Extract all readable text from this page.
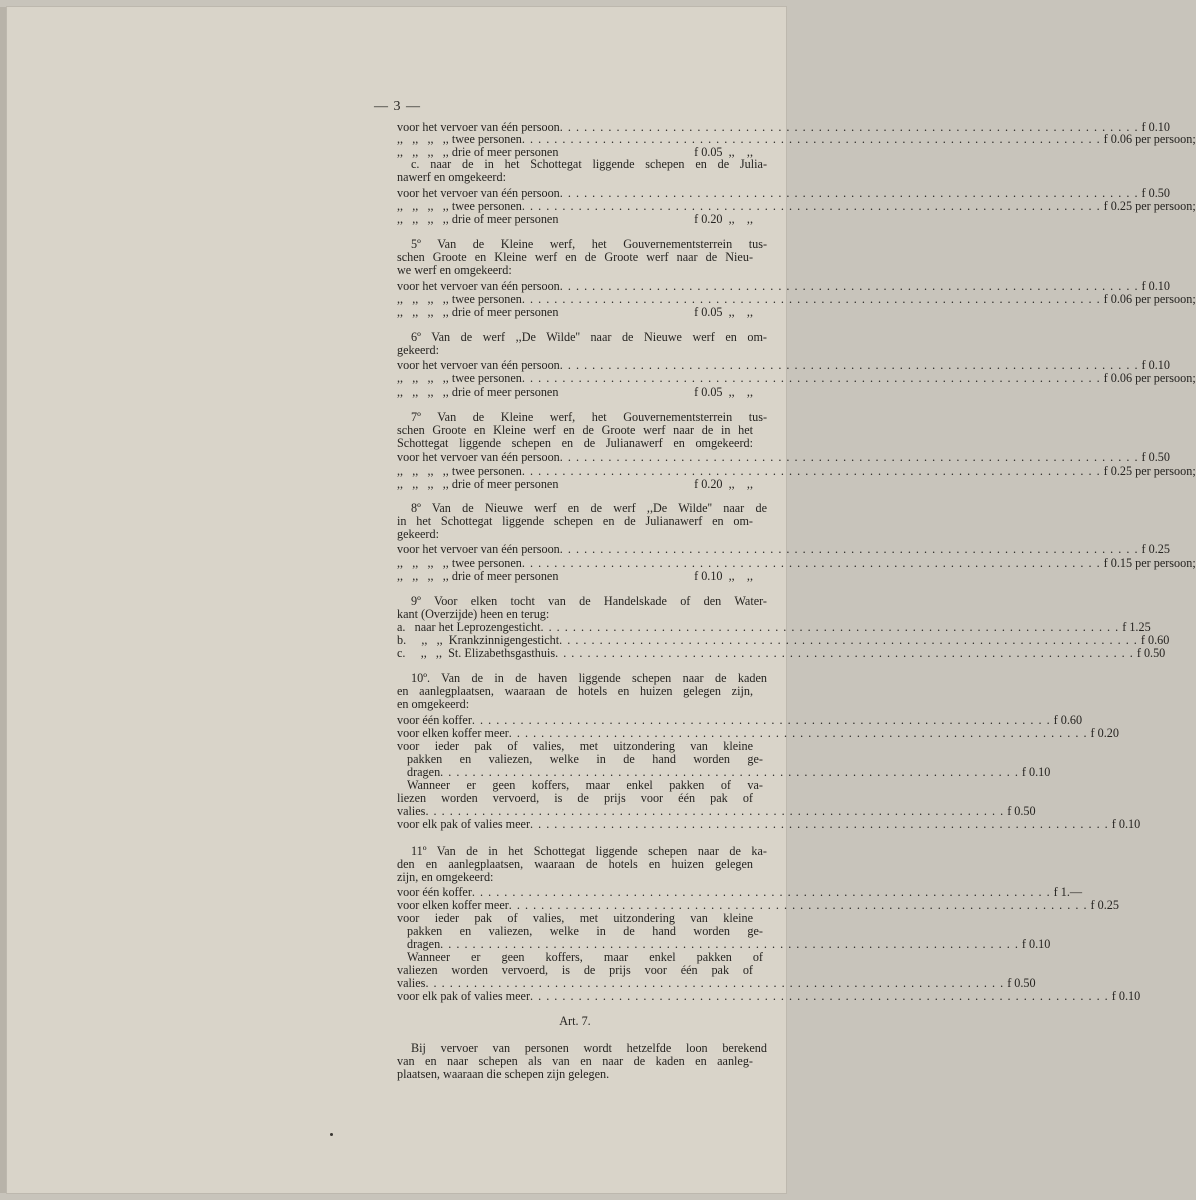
— 3 —
voor het vervoer van één persoon . . . . . . . . . . . . . . . . . . . . . . . . . . . . . . . . . . . . . . . . . . . . . . . . . . . . . . . . . . . . . . . . . . . . . . . . f 0.10
,,   ,,   ,,   ,, twee personen . . . . . . . . . . . . . . . . . . . . . . . . . . . . . . . . . . . . . . . . . . . . . . . . . . . . . . . . . . . . . . . . . . . . . . . . f 0.06 per persoon;
,,   ,,   ,,   ,, drie of meer personen	f 0.05  ,,    ,,
c. naar de in het Schottegat liggende schepen en de Julia-
nawerf en omgekeerd:
voor het vervoer van één persoon . . . . . . . . . . . . . . . . . . . . . . . . . . . . . . . . . . . . . . . . . . . . . . . . . . . . . . . . . . . . . . . . . . . . . . . . f 0.50
,,   ,,   ,,   ,, twee personen . . . . . . . . . . . . . . . . . . . . . . . . . . . . . . . . . . . . . . . . . . . . . . . . . . . . . . . . . . . . . . . . . . . . . . . . f 0.25 per persoon;
,,   ,,   ,,   ,, drie of meer personen	f 0.20  ,,    ,,
5º Van de Kleine werf, het Gouvernementsterrein tus-
schen Groote en Kleine werf en de Groote werf naar de Nieu-
we werf en omgekeerd:
voor het vervoer van één persoon . . . . . . . . . . . . . . . . . . . . . . . . . . . . . . . . . . . . . . . . . . . . . . . . . . . . . . . . . . . . . . . . . . . . . . . . f 0.10
,,   ,,   ,,   ,, twee personen . . . . . . . . . . . . . . . . . . . . . . . . . . . . . . . . . . . . . . . . . . . . . . . . . . . . . . . . . . . . . . . . . . . . . . . . f 0.06 per persoon;
,,   ,,   ,,   ,, drie of meer personen	f 0.05  ,,    ,,
6º Van de werf ,,De Wilde'' naar de Nieuwe werf en om-
gekeerd:
voor het vervoer van één persoon . . . . . . . . . . . . . . . . . . . . . . . . . . . . . . . . . . . . . . . . . . . . . . . . . . . . . . . . . . . . . . . . . . . . . . . . f 0.10
,,   ,,   ,,   ,, twee personen . . . . . . . . . . . . . . . . . . . . . . . . . . . . . . . . . . . . . . . . . . . . . . . . . . . . . . . . . . . . . . . . . . . . . . . . f 0.06 per persoon;
,,   ,,   ,,   ,, drie of meer personen	f 0.05  ,,    ,,
7º Van de Kleine werf, het Gouvernementsterrein tus-
schen Groote en Kleine werf en de Groote werf naar de in het
Schottegat liggende schepen en de Julianawerf en omgekeerd:
voor het vervoer van één persoon . . . . . . . . . . . . . . . . . . . . . . . . . . . . . . . . . . . . . . . . . . . . . . . . . . . . . . . . . . . . . . . . . . . . . . . . f 0.50
,,   ,,   ,,   ,, twee personen . . . . . . . . . . . . . . . . . . . . . . . . . . . . . . . . . . . . . . . . . . . . . . . . . . . . . . . . . . . . . . . . . . . . . . . . f 0.25 per persoon;
,,   ,,   ,,   ,, drie of meer personen	f 0.20  ,,    ,,
8º Van de Nieuwe werf en de werf ,,De Wilde'' naar de
in het Schottegat liggende schepen en de Julianawerf en om-
gekeerd:
voor het vervoer van één persoon . . . . . . . . . . . . . . . . . . . . . . . . . . . . . . . . . . . . . . . . . . . . . . . . . . . . . . . . . . . . . . . . . . . . . . . . f 0.25
,,   ,,   ,,   ,, twee personen . . . . . . . . . . . . . . . . . . . . . . . . . . . . . . . . . . . . . . . . . . . . . . . . . . . . . . . . . . . . . . . . . . . . . . . . f 0.15 per persoon;
,,   ,,   ,,   ,, drie of meer personen	f 0.10  ,,    ,,
9º Voor elken tocht van de Handelskade of den Water-
kant (Overzijde) heen en terug:
a.   naar het Leprozengesticht . . . . . . . . . . . . . . . . . . . . . . . . . . . . . . . . . . . . . . . . . . . . . . . . . . . . . . . . . . . . . . . . . . . . . . . . f 1.25
b.     ,,   ,,  Krankzinnigengesticht . . . . . . . . . . . . . . . . . . . . . . . . . . . . . . . . . . . . . . . . . . . . . . . . . . . . . . . . . . . . . . . . . . . . . . . . f 0.60
c.     ,,   ,,  St. Elizabethsgasthuis . . . . . . . . . . . . . . . . . . . . . . . . . . . . . . . . . . . . . . . . . . . . . . . . . . . . . . . . . . . . . . . . . . . . . . . . f 0.50
10º. Van de in de haven liggende schepen naar de kaden
en aanlegplaatsen, waaraan de hotels en huizen gelegen zijn,
en omgekeerd:
voor één koffer . . . . . . . . . . . . . . . . . . . . . . . . . . . . . . . . . . . . . . . . . . . . . . . . . . . . . . . . . . . . . . . . . . . . . . . . f 0.60
voor elken koffer meer . . . . . . . . . . . . . . . . . . . . . . . . . . . . . . . . . . . . . . . . . . . . . . . . . . . . . . . . . . . . . . . . . . . . . . . . f 0.20
voor ieder pak of valies, met uitzondering van kleine
pakken en valiezen, welke in de hand worden ge-
dragen . . . . . . . . . . . . . . . . . . . . . . . . . . . . . . . . . . . . . . . . . . . . . . . . . . . . . . . . . . . . . . . . . . . . . . . . f 0.10
Wanneer er geen koffers, maar enkel pakken of va-
liezen worden vervoerd, is de prijs voor één pak of
valies . . . . . . . . . . . . . . . . . . . . . . . . . . . . . . . . . . . . . . . . . . . . . . . . . . . . . . . . . . . . . . . . . . . . . . . . f 0.50
voor elk pak of valies meer . . . . . . . . . . . . . . . . . . . . . . . . . . . . . . . . . . . . . . . . . . . . . . . . . . . . . . . . . . . . . . . . . . . . . . . . f 0.10
11º Van de in het Schottegat liggende schepen naar de ka-
den en aanlegplaatsen, waaraan de hotels en huizen gelegen
zijn, en omgekeerd:
voor één koffer . . . . . . . . . . . . . . . . . . . . . . . . . . . . . . . . . . . . . . . . . . . . . . . . . . . . . . . . . . . . . . . . . . . . . . . . f 1.—
voor elken koffer meer . . . . . . . . . . . . . . . . . . . . . . . . . . . . . . . . . . . . . . . . . . . . . . . . . . . . . . . . . . . . . . . . . . . . . . . . f 0.25
voor ieder pak of valies, met uitzondering van kleine
pakken en valiezen, welke in de hand worden ge-
dragen . . . . . . . . . . . . . . . . . . . . . . . . . . . . . . . . . . . . . . . . . . . . . . . . . . . . . . . . . . . . . . . . . . . . . . . . f 0.10
Wanneer er geen koffers, maar enkel pakken of
valiezen worden vervoerd, is de prijs voor één pak of
valies . . . . . . . . . . . . . . . . . . . . . . . . . . . . . . . . . . . . . . . . . . . . . . . . . . . . . . . . . . . . . . . . . . . . . . . . f 0.50
voor elk pak of valies meer . . . . . . . . . . . . . . . . . . . . . . . . . . . . . . . . . . . . . . . . . . . . . . . . . . . . . . . . . . . . . . . . . . . . . . . . f 0.10
Art. 7.
Bij vervoer van personen wordt hetzelfde loon berekend
van en naar schepen als van en naar de kaden en aanleg-
plaatsen, waaraan die schepen zijn gelegen.
